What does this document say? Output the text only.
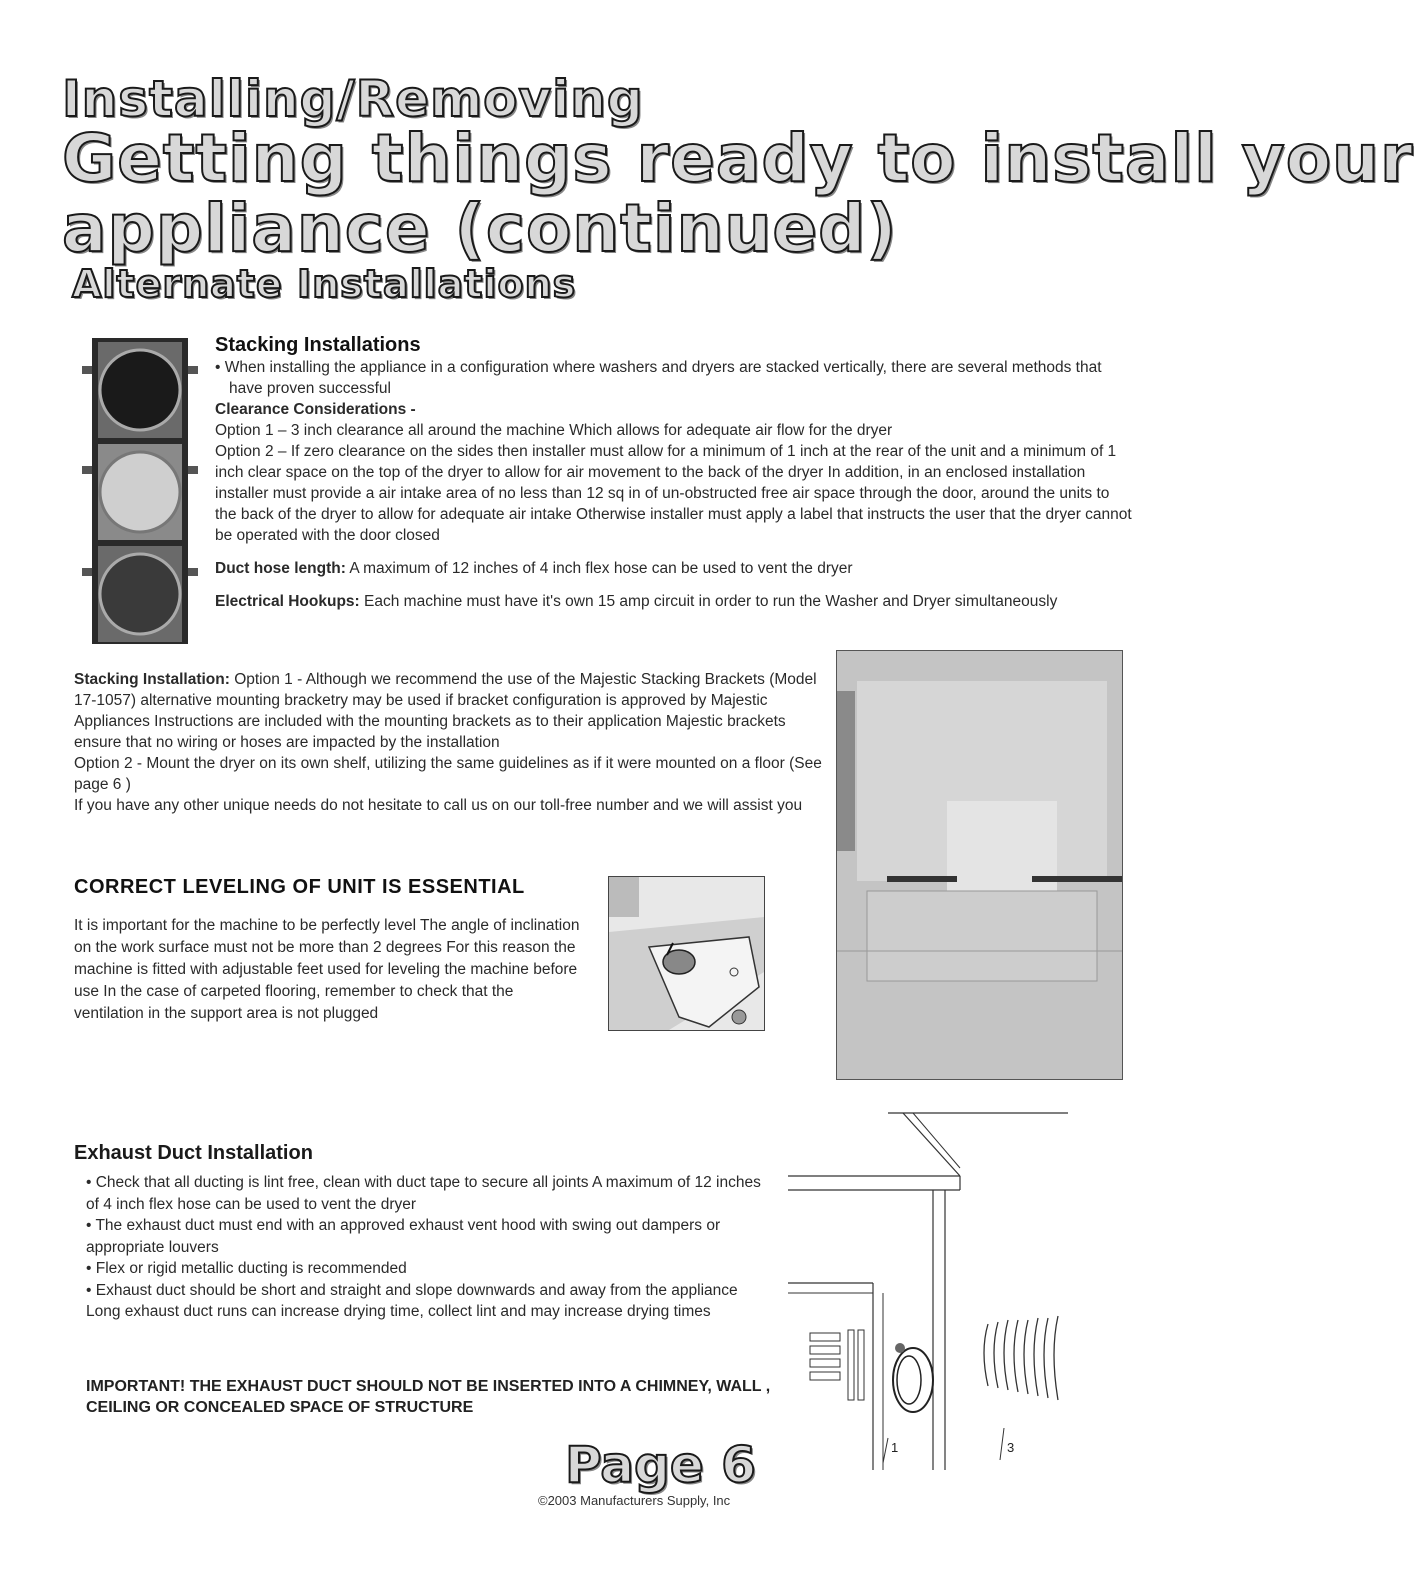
Installing/Removing
Getting things ready to install your
appliance (continued)
Alternate Installations
Stacking Installations

• When installing the appliance in a configuration where washers and dryers are stacked vertically, there are several methods that have proven successful

Clearance Considerations -

Option 1 – 3 inch clearance all around the machine Which allows for adequate air flow for the dryer

Option 2 – If zero clearance on the sides then installer must allow for a minimum of 1 inch at the rear of the unit and a minimum of 1 inch clear space on the top of the dryer to allow for air movement to the back of the dryer In addition, in an enclosed installation installer must provide a air intake area of no less than 12 sq in of un-obstructed free air space through the door, around the units to the back of the dryer to allow for adequate air intake Otherwise installer must apply a label that instructs the user that the dryer cannot be operated with the door closed

Duct hose length: A maximum of 12 inches of 4 inch flex hose can be used to vent the dryer

Electrical Hookups: Each machine must have it's own 15 amp circuit in order to run the Washer and Dryer simultaneously

Stacking Installation: Option 1 - Although we recommend the use of the Majestic Stacking Brackets (Model 17-1057) alternative mounting bracketry may be used if bracket configuration is approved by Majestic Appliances Instructions are included with the mounting brackets as to their application Majestic brackets ensure that no wiring or hoses are impacted by the installation

Option 2 - Mount the dryer on its own shelf, utilizing the same guidelines as if it were mounted on a floor (See page 6 )

If you have any other unique needs do not hesitate to call us on our toll-free number and we will assist you

CORRECT LEVELING OF UNIT IS ESSENTIAL

It is important for the machine to be perfectly level The angle of inclination on the work surface must not be more than 2 degrees For this reason the machine is fitted with adjustable feet used for leveling the machine before use In the case of carpeted flooring, remember to check that the ventilation in the support area is not plugged

Exhaust Duct Installation

• Check that all ducting is lint free, clean with duct tape to secure all joints A maximum of 12 inches of 4 inch flex hose can be used to vent the dryer

• The exhaust duct must end with an approved exhaust vent hood with swing out dampers or appropriate louvers

• Flex or rigid metallic ducting is recommended

• Exhaust duct should be short and straight and slope downwards and away from the appliance Long exhaust duct runs can increase drying time, collect lint and may increase drying times

IMPORTANT! THE EXHAUST DUCT SHOULD NOT BE INSERTED INTO A CHIMNEY, WALL , CEILING OR CONCEALED SPACE OF STRUCTURE
1	3
Page 6
©2003 Manufacturers Supply, Inc
